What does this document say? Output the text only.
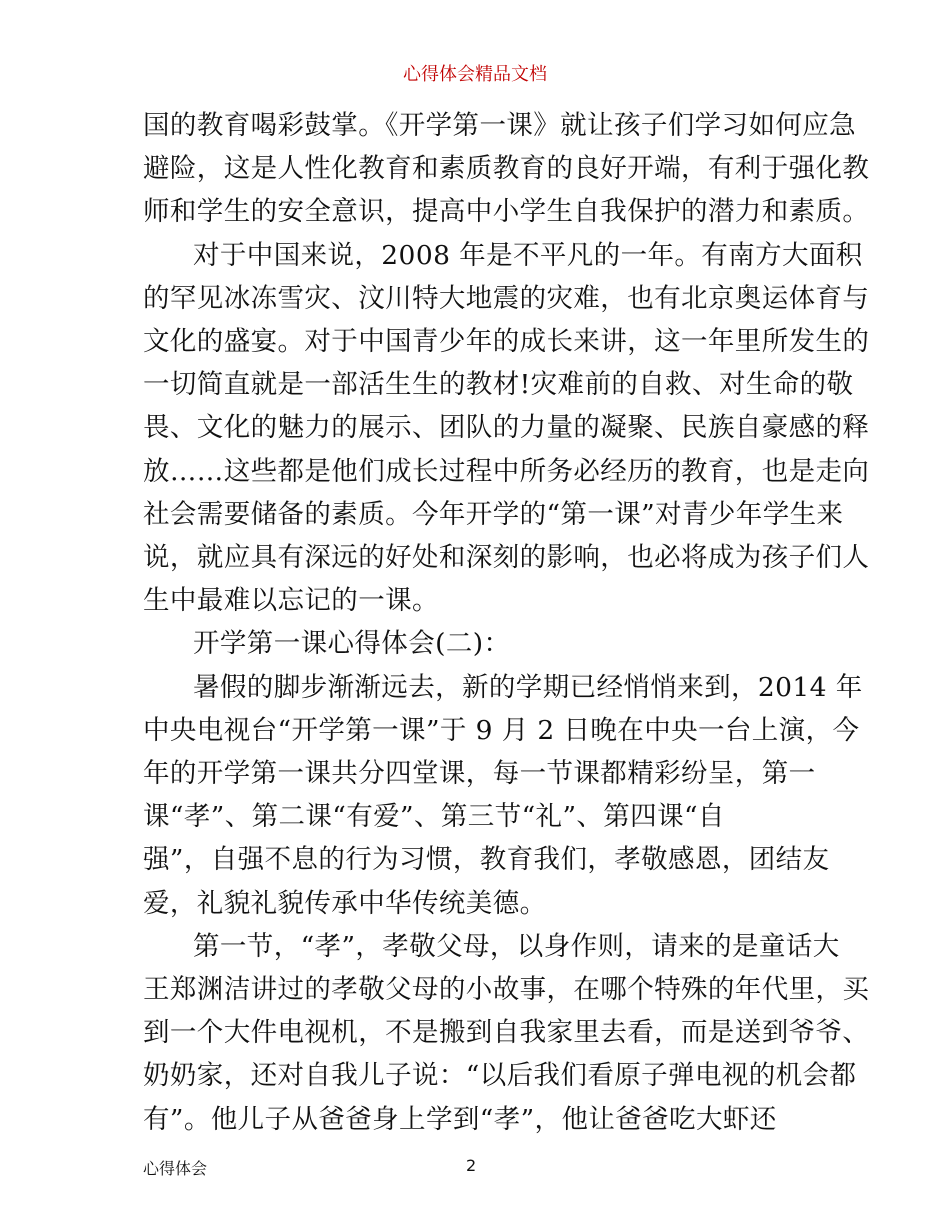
心得体会精品文档

国的教育喝彩鼓掌。《开学第一课》就让孩子们学习如何应急
避险，这是人性化教育和素质教育的良好开端，有利于强化教
师和学生的安全意识，提高中小学生自我保护的潜力和素质。

对于中国来说，2008 年是不平凡的一年。有南方大面积
的罕见冰冻雪灾、汶川特大地震的灾难，也有北京奥运体育与
文化的盛宴。对于中国青少年的成长来讲，这一年里所发生的
一切简直就是一部活生生的教材!灾难前的自救、对生命的敬
畏、文化的魅力的展示、团队的力量的凝聚、民族自豪感的释
放……这些都是他们成长过程中所务必经历的教育，也是走向
社会需要储备的素质。今年开学的“第一课”对青少年学生来
说，就应具有深远的好处和深刻的影响，也必将成为孩子们人
生中最难以忘记的一课。

开学第一课心得体会(二)：

暑假的脚步渐渐远去，新的学期已经悄悄来到，2014 年
中央电视台“开学第一课”于 9 月 2 日晚在中央一台上演，今
年的开学第一课共分四堂课，每一节课都精彩纷呈，第一
课“孝”、第二课“有爱”、第三节“礼”、第四课“自
强”，自强不息的行为习惯，教育我们，孝敬感恩，团结友
爱，礼貌礼貌传承中华传统美德。

第一节，“孝”，孝敬父母，以身作则，请来的是童话大
王郑渊洁讲过的孝敬父母的小故事，在哪个特殊的年代里，买
到一个大件电视机，不是搬到自我家里去看，而是送到爷爷、
奶奶家，还对自我儿子说：“以后我们看原子弹电视的机会都
有”。他儿子从爸爸身上学到“孝”，他让爸爸吃大虾还

心得体会	2
